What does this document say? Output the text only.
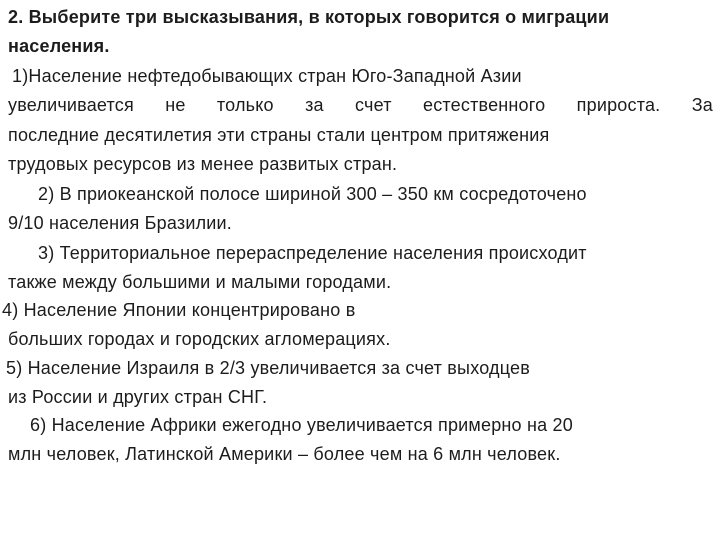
2. Выберите три высказывания, в которых говорится о миграции
населения.
1)Население нефтедобывающих стран Юго-Западной Азии
увеличивается не только за счет естественного прироста. За
последние десятилетия эти страны стали центром притяжения
трудовых ресурсов из менее развитых стран.
2) В приокеанской полосе шириной 300 – 350 км сосредоточено
9/10 населения Бразилии.
3) Территориальное перераспределение населения происходит
также между большими и малыми городами.
4) Население Японии концентрировано в
больших городах и городских агломерациях.
5) Население Израиля в 2/3 увеличивается за счет выходцев
из России и других стран СНГ.
6) Население Африки ежегодно увеличивается примерно на 20
млн человек, Латинской Америки – более чем на 6 млн человек.
